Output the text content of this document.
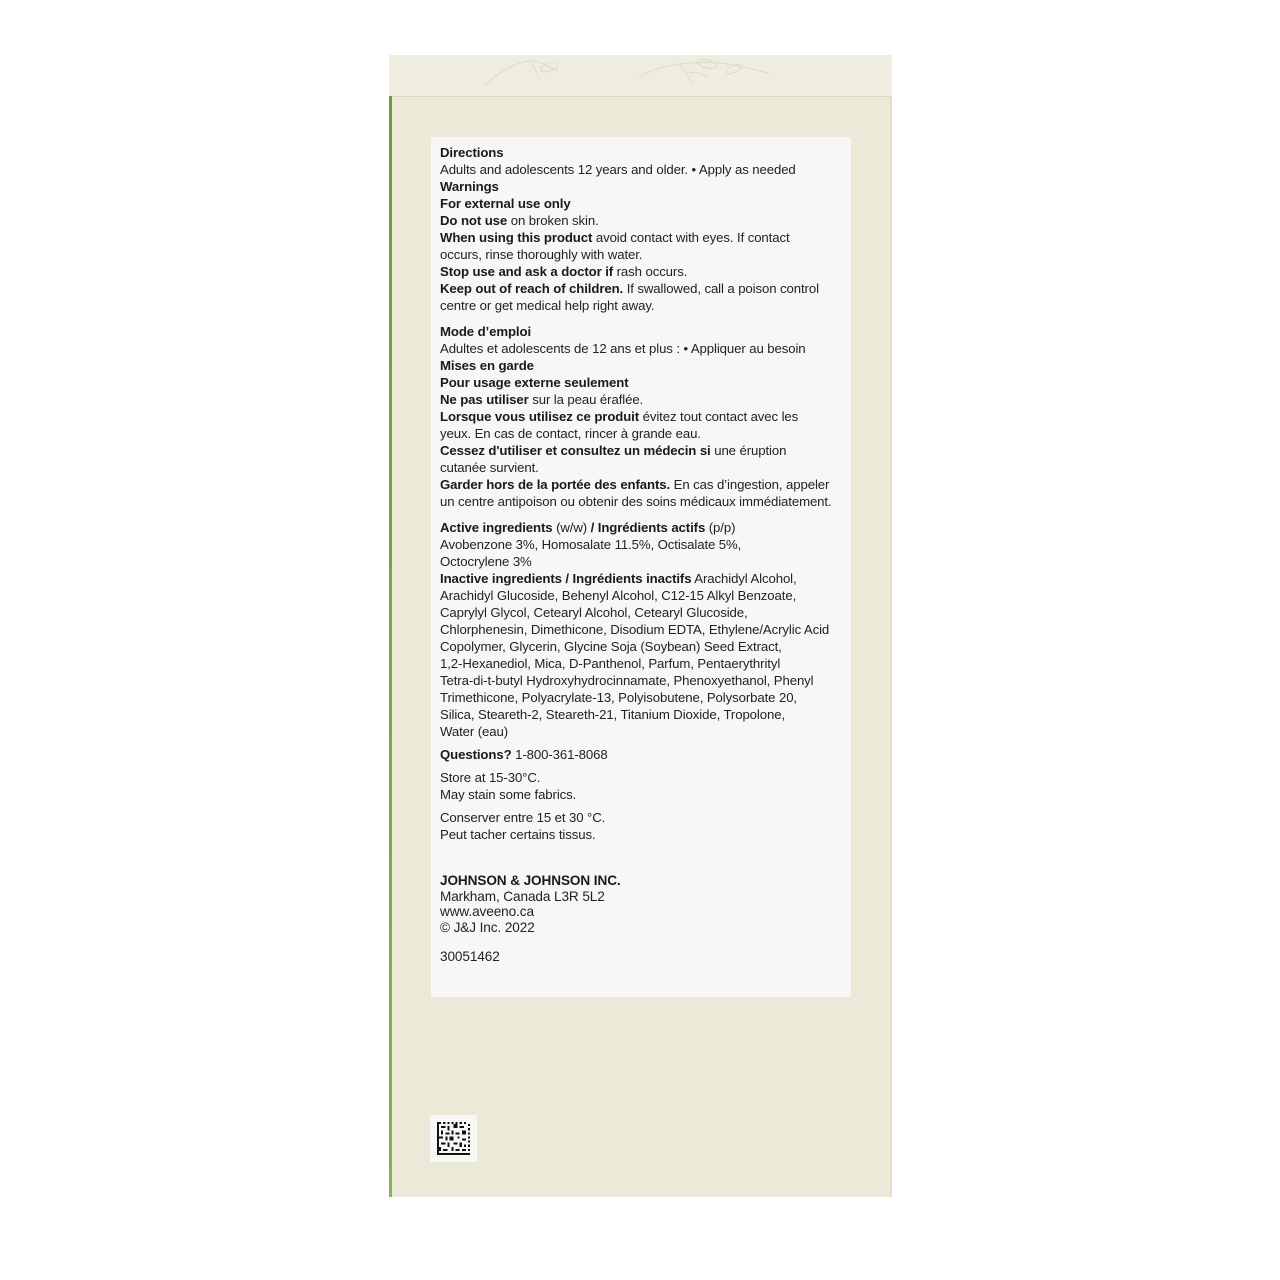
Directions

Adults and adolescents 12 years and older. • Apply as needed

Warnings

For external use only

Do not use on broken skin.

When using this product avoid contact with eyes. If contact

occurs, rinse thoroughly with water.

Stop use and ask a doctor if rash occurs.

Keep out of reach of children. If swallowed, call a poison control

centre or get medical help right away.

Mode d’emploi

Adultes et adolescents de 12 ans et plus : • Appliquer au besoin

Mises en garde

Pour usage externe seulement

Ne pas utiliser sur la peau éraflée.

Lorsque vous utilisez ce produit évitez tout contact avec les

yeux. En cas de contact, rincer à grande eau.

Cessez d'utiliser et consultez un médecin si une éruption

cutanée survient.

Garder hors de la portée des enfants. En cas d’ingestion, appeler

un centre antipoison ou obtenir des soins médicaux immédiatement.

Active ingredients (w/w) / Ingrédients actifs (p/p)

Avobenzone 3%, Homosalate 11.5%, Octisalate 5%,

Octocrylene 3%

Inactive ingredients / Ingrédients inactifs Arachidyl Alcohol,

Arachidyl Glucoside, Behenyl Alcohol, C12-15 Alkyl Benzoate,

Caprylyl Glycol, Cetearyl Alcohol, Cetearyl Glucoside,

Chlorphenesin, Dimethicone, Disodium EDTA, Ethylene/Acrylic Acid

Copolymer, Glycerin, Glycine Soja (Soybean) Seed Extract,

1,2-Hexanediol, Mica, D-Panthenol, Parfum, Pentaerythrityl

Tetra-di-t-butyl Hydroxyhydrocinnamate, Phenoxyethanol, Phenyl

Trimethicone, Polyacrylate-13, Polyisobutene, Polysorbate 20,

Silica, Steareth-2, Steareth-21, Titanium Dioxide, Tropolone,

Water (eau)

Questions? 1-800-361-8068

Store at 15-30°C.

May stain some fabrics.

Conserver entre 15 et 30 °C.

Peut tacher certains tissus.

JOHNSON & JOHNSON INC.

Markham, Canada L3R 5L2

www.aveeno.ca

© J&J Inc. 2022

30051462
